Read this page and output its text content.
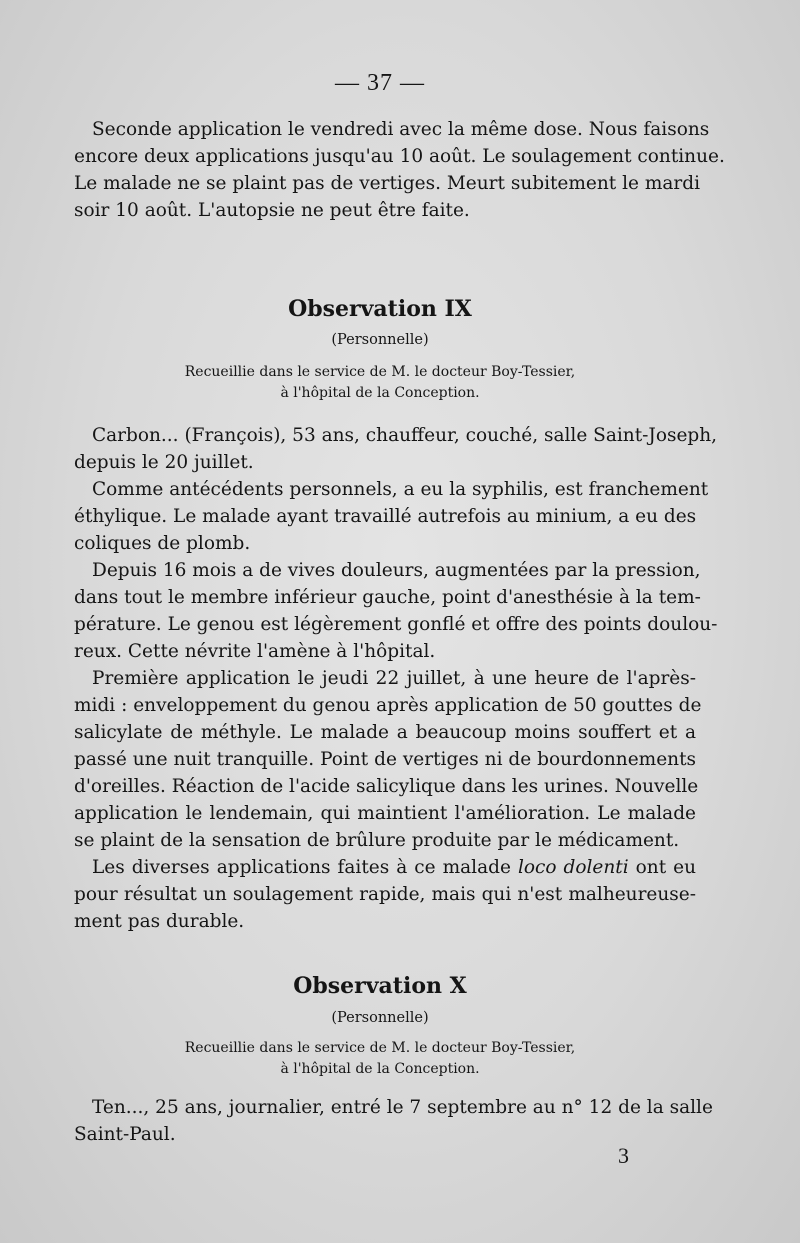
— 37 —

Seconde application le vendredi avec la même dose. Nous faisons
encore deux applications jusqu'au 10 août. Le soulagement continue.
Le malade ne se plaint pas de vertiges. Meurt subitement le mardi
soir 10 août. L'autopsie ne peut être faite.

Observation IX
(Personnelle)
Recueillie dans le service de M. le docteur Boy-Tessier,
à l'hôpital de la Conception.

Carbon... (François), 53 ans, chauffeur, couché, salle Saint-Joseph,
depuis le 20 juillet.

Comme antécédents personnels, a eu la syphilis, est franchement
éthylique. Le malade ayant travaillé autrefois au minium, a eu des
coliques de plomb.

Depuis 16 mois a de vives douleurs, augmentées par la pression,
dans tout le membre inférieur gauche, point d'anesthésie à la tem-
pérature. Le genou est légèrement gonflé et offre des points doulou-
reux. Cette névrite l'amène à l'hôpital.

Première application le jeudi 22 juillet, à une heure de l'après-
midi : enveloppement du genou après application de 50 gouttes de
salicylate de méthyle. Le malade a beaucoup moins souffert et a
passé une nuit tranquille. Point de vertiges ni de bourdonnements
d'oreilles. Réaction de l'acide salicylique dans les urines. Nouvelle
application le lendemain, qui maintient l'amélioration. Le malade
se plaint de la sensation de brûlure produite par le médicament.

Les diverses applications faites à ce malade loco dolenti ont eu
pour résultat un soulagement rapide, mais qui n'est malheureuse-
ment pas durable.

Observation X
(Personnelle)
Recueillie dans le service de M. le docteur Boy-Tessier,
à l'hôpital de la Conception.

Ten..., 25 ans, journalier, entré le 7 septembre au n° 12 de la salle
Saint-Paul.

3
